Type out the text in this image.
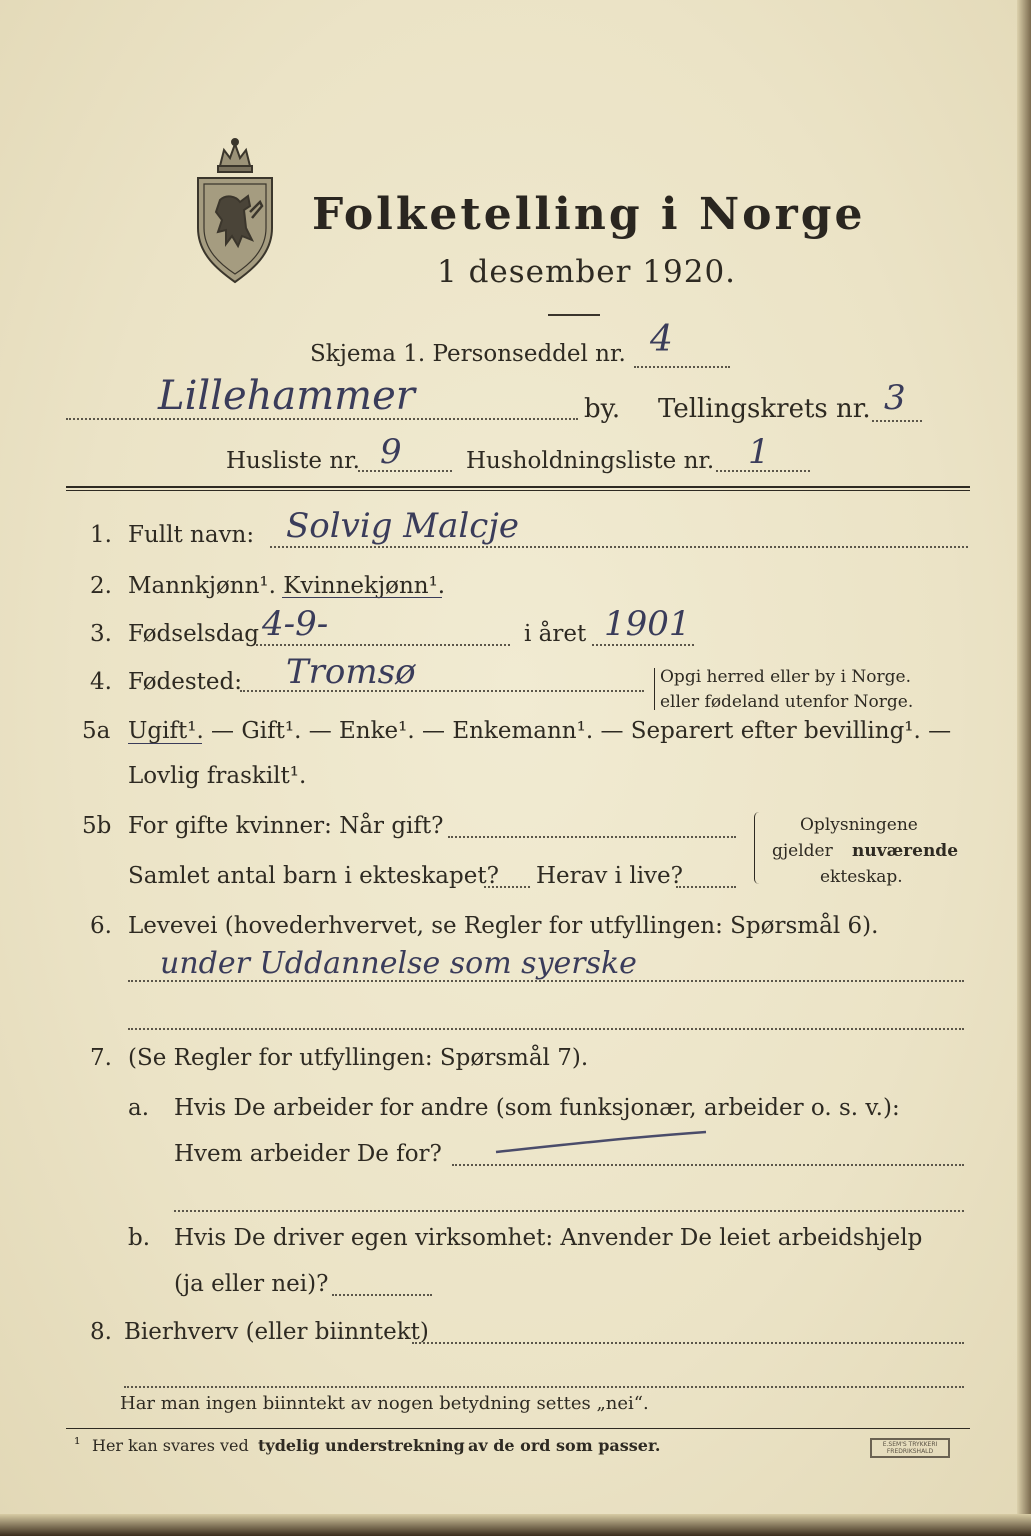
Folketelling i Norge
1 desember 1920.
Skjema 1. Personseddel nr. 4
Lillehammer	by. Tellingskrets nr. 3
Husliste nr. 9	Husholdningsliste nr. 1
1. Fullt navn: Solvig Malcje
2. Mannkjønn¹. Kvinnekjønn¹.
3. Fødselsdag 4-9-	i året 1901
4. Fødested: Tromsø	Opgi herred eller by i Norge.
eller fødeland utenfor Norge.
5a Ugift¹. — Gift¹. — Enke¹. — Enkemann¹. — Separert efter bevilling¹. —
Lovlig fraskilt¹.
5b For gifte kvinner: Når gift?
Samlet antal barn i ekteskapet? Herav i live?
Oplysningene
gjelder nuværende
ekteskap.
6. Levevei (hovederhvervet, se Regler for utfyllingen: Spørsmål 6).
under Uddannelse som syerske
7. (Se Regler for utfyllingen: Spørsmål 7).
a. Hvis De arbeider for andre (som funksjonær, arbeider o. s. v.):
Hvem arbeider De for?
b. Hvis De driver egen virksomhet: Anvender De leiet arbeidshjelp
(ja eller nei)?
8. Bierhverv (eller biinntekt)
Har man ingen biinntekt av nogen betydning settes „nei“.
¹ Her kan svares ved tydelig understrekning av de ord som passer.	E.SEM'S TRYKKERI
FREDRIKSHALD
